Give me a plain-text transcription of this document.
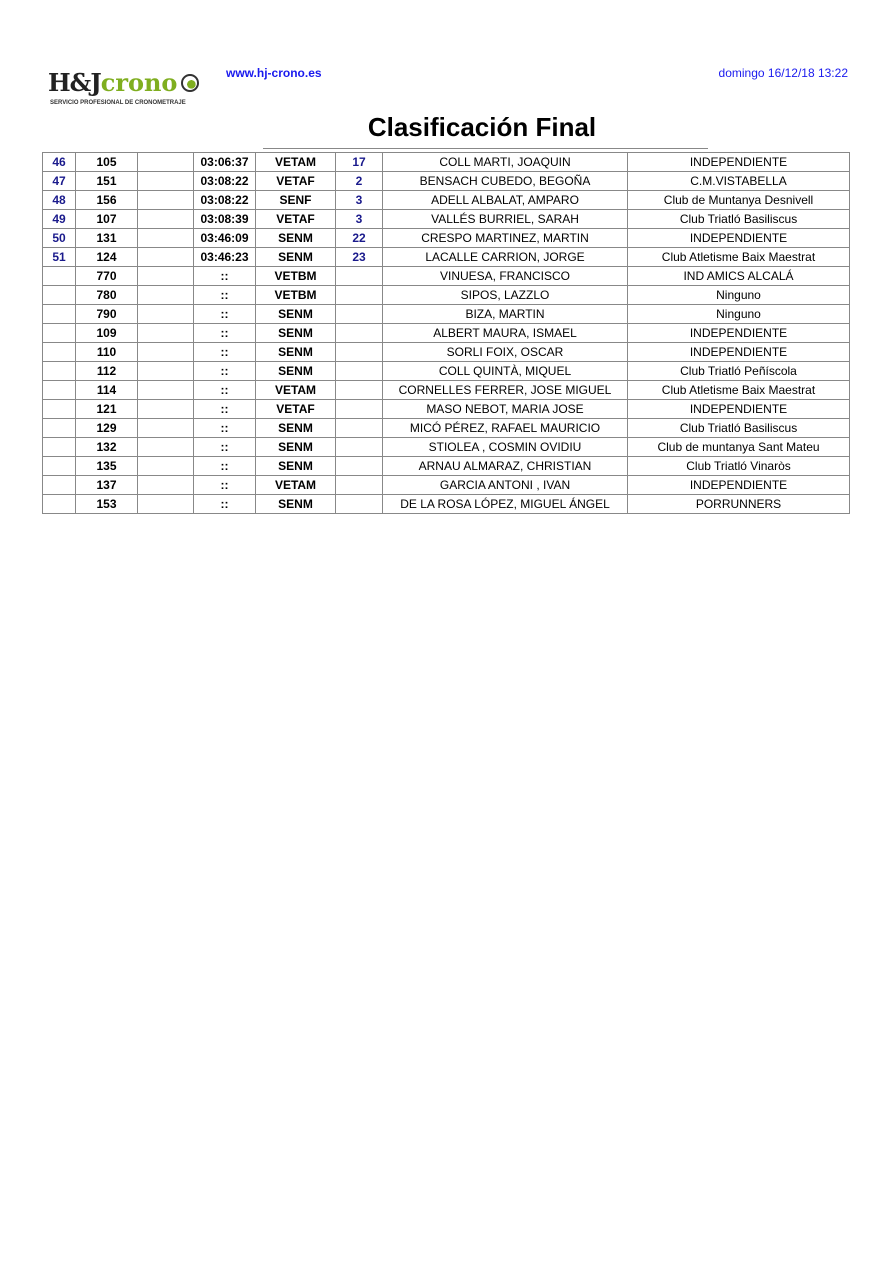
H&J crono
SERVICIO PROFESIONAL DE CRONOMETRAJE
www.hj-crono.es	domingo 16/12/18 13:22
Clasificación Final
46	105		03:06:37	VETAM	17	COLL MARTI, JOAQUIN	INDEPENDIENTE
47	151		03:08:22	VETAF	2	BENSACH CUBEDO, BEGOÑA	C.M.VISTABELLA
48	156		03:08:22	SENF	3	ADELL ALBALAT, AMPARO	Club de Muntanya Desnivell
49	107		03:08:39	VETAF	3	VALLÉS BURRIEL, SARAH	Club Triatló Basiliscus
50	131		03:46:09	SENM	22	CRESPO MARTINEZ, MARTIN	INDEPENDIENTE
51	124		03:46:23	SENM	23	LACALLE CARRION, JORGE	Club Atletisme Baix Maestrat
	770		::	VETBM		VINUESA, FRANCISCO	IND AMICS ALCALÁ
	780		::	VETBM		SIPOS, LAZZLO	Ninguno
	790		::	SENM		BIZA, MARTIN	Ninguno
	109		::	SENM		ALBERT MAURA, ISMAEL	INDEPENDIENTE
	110		::	SENM		SORLI FOIX, OSCAR	INDEPENDIENTE
	112		::	SENM		COLL QUINTÀ, MIQUEL	Club Triatló Peñíscola
	114		::	VETAM		CORNELLES FERRER, JOSE MIGUEL	Club Atletisme Baix Maestrat
	121		::	VETAF		MASO NEBOT, MARIA JOSE	INDEPENDIENTE
	129		::	SENM		MICÓ PÉREZ, RAFAEL MAURICIO	Club Triatló Basiliscus
	132		::	SENM		STIOLEA , COSMIN OVIDIU	Club de muntanya Sant Mateu
	135		::	SENM		ARNAU ALMARAZ, CHRISTIAN	Club Triatló Vinaròs
	137		::	VETAM		GARCIA ANTONI , IVAN	INDEPENDIENTE
	153		::	SENM		DE LA ROSA LÓPEZ, MIGUEL ÁNGEL	PORRUNNERS
